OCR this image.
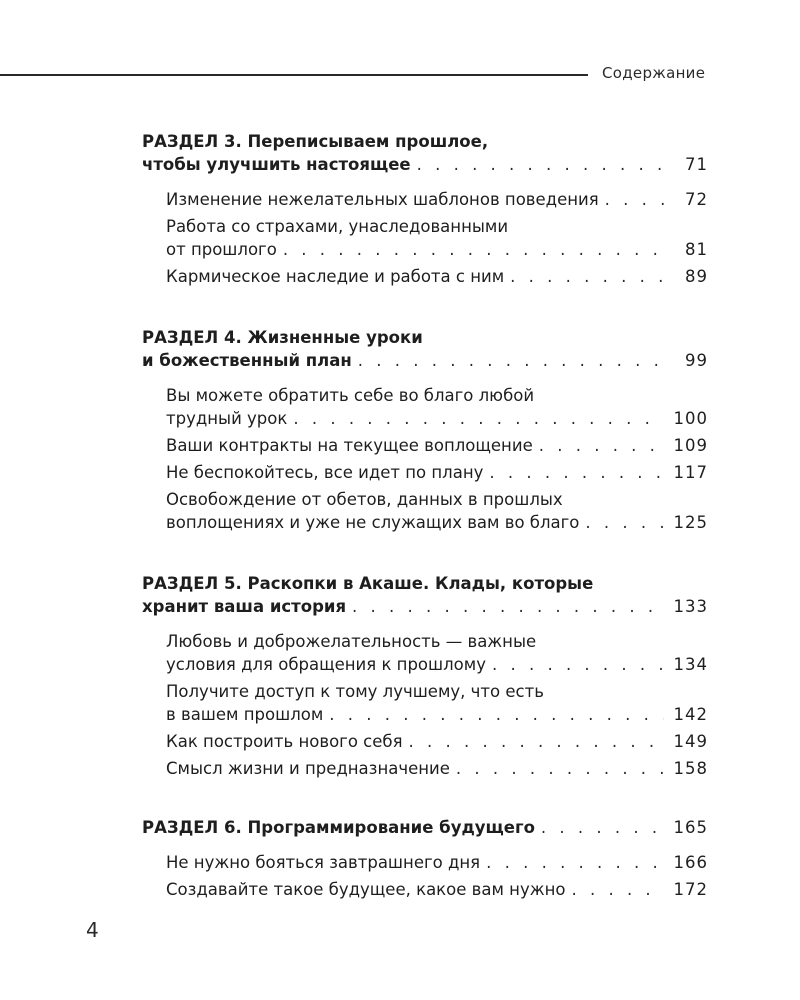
Содержание
РАЗДЕЛ 3. Переписываем прошлое,
чтобы улучшить настоящее . . .	71
Изменение нежелательных шаблонов поведения . . .	72
Работа со страхами, унаследованными
от прошлого . . .	81
Кармическое наследие и работа с ним . . .	89
РАЗДЕЛ 4. Жизненные уроки
и божественный план . . .	99
Вы можете обратить себе во благо любой
трудный урок . . .	100
Ваши контракты на текущее воплощение . . .	109
Не беспокойтесь, все идет по плану . . .	117
Освобождение от обетов, данных в прошлых
воплощениях и уже не служащих вам во благо . . .	125
РАЗДЕЛ 5. Раскопки в Акаше. Клады, которые
хранит ваша история . . .	133
Любовь и доброжелательность — важные
условия для обращения к прошлому . . .	134
Получите доступ к тому лучшему, что есть
в вашем прошлом . . .	142
Как построить нового себя . . .	149
Смысл жизни и предназначение . . .	158
РАЗДЕЛ 6. Программирование будущего . . .	165
Не нужно бояться завтрашнего дня . . .	166
Создавайте такое будущее, какое вам нужно . . .	172
4
